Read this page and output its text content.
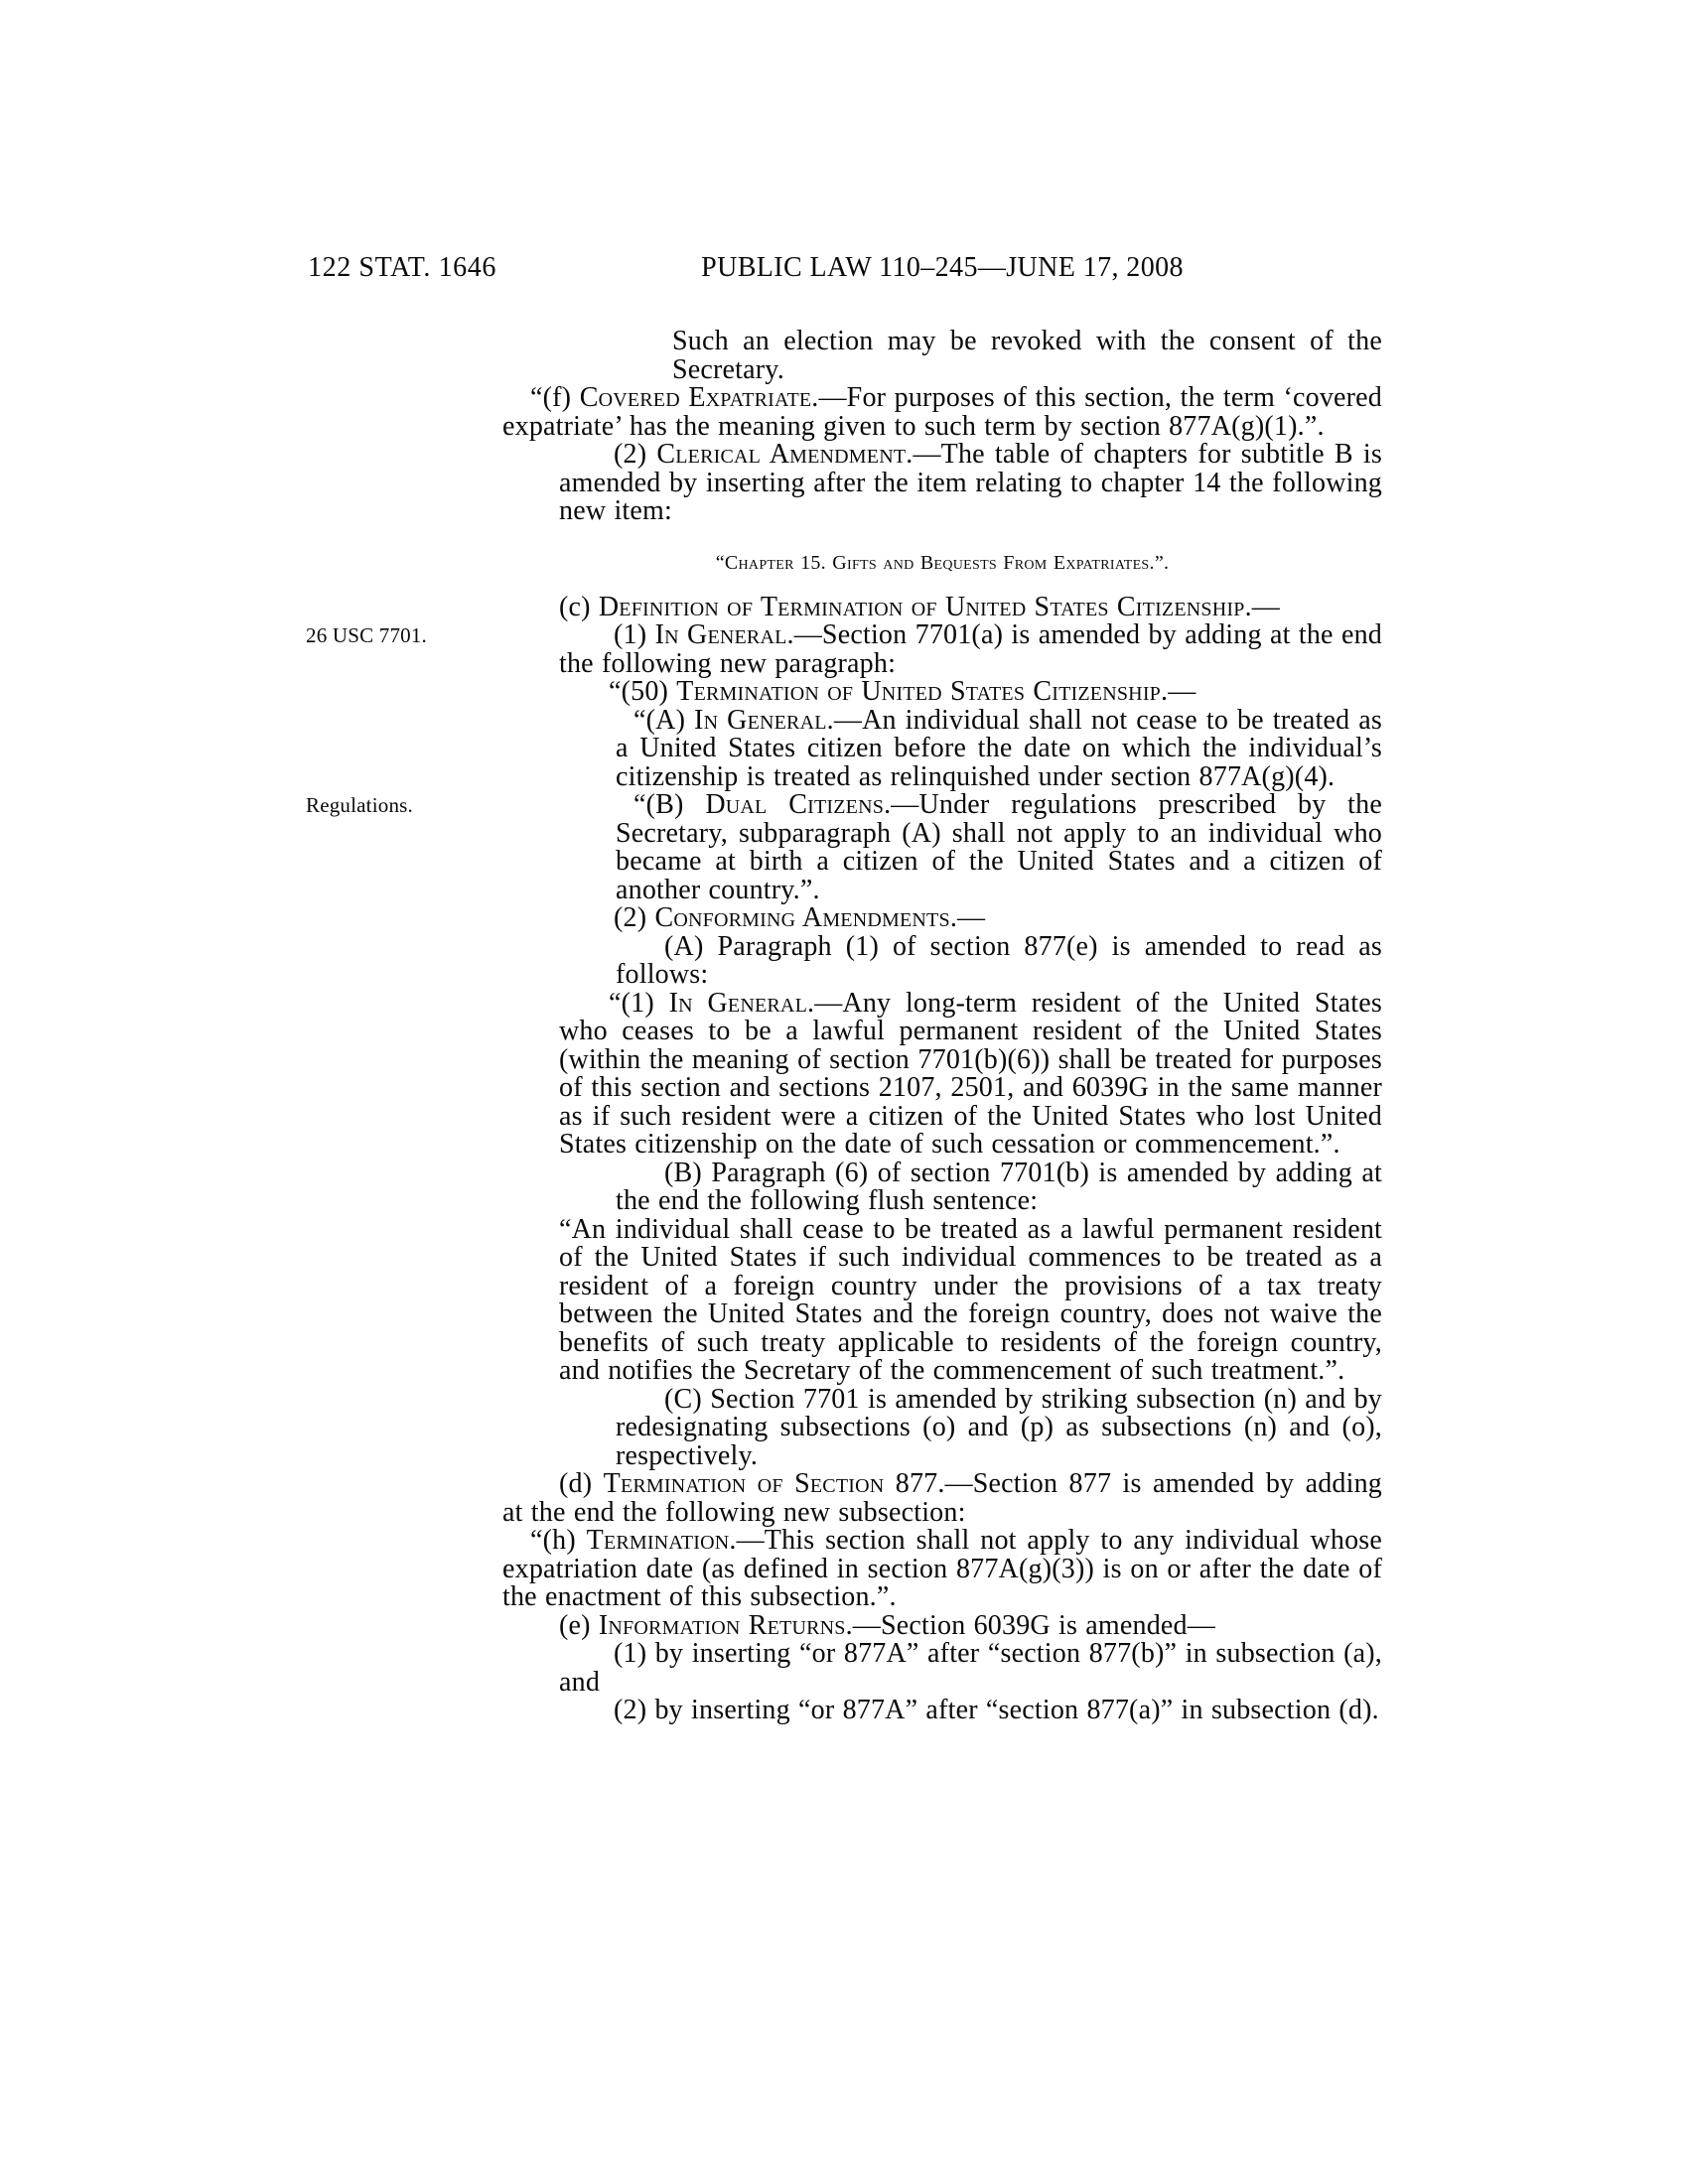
122 STAT. 1646	PUBLIC LAW 110–245—JUNE 17, 2008
Such an election may be revoked with the consent of the Secretary.
“(f) Covered Expatriate.—For purposes of this section, the term ‘covered expatriate’ has the meaning given to such term by section 877A(g)(1).”.
(2) Clerical Amendment.—The table of chapters for subtitle B is amended by inserting after the item relating to chapter 14 the following new item:
“Chapter 15. Gifts and Bequests From Expatriates.”.
(c) Definition of Termination of United States Citizenship.—
26 USC 7701.	(1) In General.—Section 7701(a) is amended by adding at the end the following new paragraph:
“(50) Termination of United States Citizenship.—
“(A) In General.—An individual shall not cease to be treated as a United States citizen before the date on which the individual’s citizenship is treated as relinquished under section 877A(g)(4).
Regulations.	“(B) Dual Citizens.—Under regulations prescribed by the Secretary, subparagraph (A) shall not apply to an individual who became at birth a citizen of the United States and a citizen of another country.”.
(2) Conforming Amendments.—
(A) Paragraph (1) of section 877(e) is amended to read as follows:
“(1) In General.—Any long-term resident of the United States who ceases to be a lawful permanent resident of the United States (within the meaning of section 7701(b)(6)) shall be treated for purposes of this section and sections 2107, 2501, and 6039G in the same manner as if such resident were a citizen of the United States who lost United States citizenship on the date of such cessation or commencement.”.
(B) Paragraph (6) of section 7701(b) is amended by adding at the end the following flush sentence:
“An individual shall cease to be treated as a lawful permanent resident of the United States if such individual commences to be treated as a resident of a foreign country under the provisions of a tax treaty between the United States and the foreign country, does not waive the benefits of such treaty applicable to residents of the foreign country, and notifies the Secretary of the commencement of such treatment.”.
(C) Section 7701 is amended by striking subsection (n) and by redesignating subsections (o) and (p) as subsections (n) and (o), respectively.
(d) Termination of Section 877.—Section 877 is amended by adding at the end the following new subsection:
“(h) Termination.—This section shall not apply to any individual whose expatriation date (as defined in section 877A(g)(3)) is on or after the date of the enactment of this subsection.”.
(e) Information Returns.—Section 6039G is amended—
(1) by inserting “or 877A” after “section 877(b)” in subsection (a), and
(2) by inserting “or 877A” after “section 877(a)” in subsection (d).
